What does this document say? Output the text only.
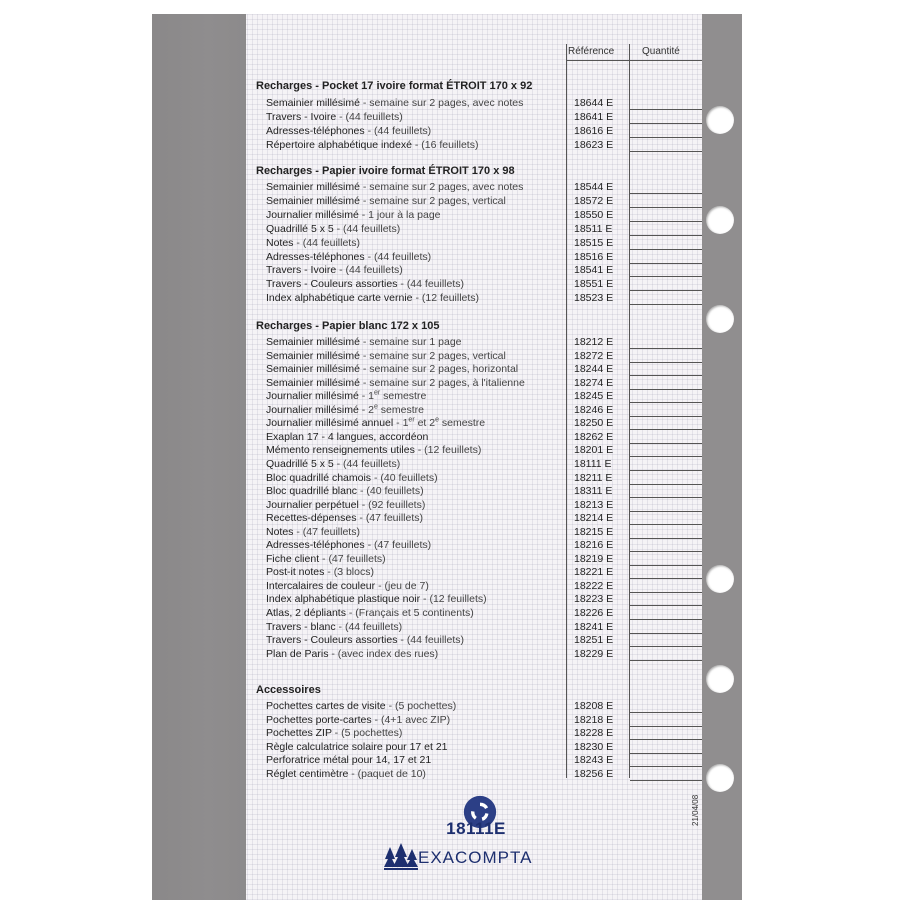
Référence	Quantité
Recharges - Pocket 17 ivoire format ÉTROIT 170 x 92
Semainier millésimé - semaine sur 2 pages, avec notes	18644 E
Travers - Ivoire - (44 feuillets)	18641 E
Adresses-téléphones - (44 feuillets)	18616 E
Répertoire alphabétique indexé - (16 feuillets)	18623 E
Recharges - Papier ivoire format ÉTROIT 170 x 98
Semainier millésimé - semaine sur 2 pages, avec notes	18544 E
Semainier millésimé - semaine sur 2 pages, vertical	18572 E
Journalier millésimé - 1 jour à la page	18550 E
Quadrillé 5 x 5 - (44 feuillets)	18511 E
Notes - (44 feuillets)	18515 E
Adresses-téléphones - (44 feuillets)	18516 E
Travers - Ivoire - (44 feuillets)	18541 E
Travers - Couleurs assorties - (44 feuillets)	18551 E
Index alphabétique carte vernie - (12 feuillets)	18523 E
Recharges - Papier blanc 172 x 105
Semainier millésimé - semaine sur 1 page	18212 E
Semainier millésimé - semaine sur 2 pages, vertical	18272 E
Semainier millésimé - semaine sur 2 pages, horizontal	18244 E
Semainier millésimé - semaine sur 2 pages, à l'italienne	18274 E
Journalier millésimé - 1er semestre	18245 E
Journalier millésimé - 2e semestre	18246 E
Journalier millésimé annuel - 1er et 2e semestre	18250 E
Exaplan 17 - 4 langues, accordéon	18262 E
Mémento renseignements utiles - (12 feuillets)	18201 E
Quadrillé 5 x 5 - (44 feuillets)	18111 E
Bloc quadrillé chamois - (40 feuillets)	18211 E
Bloc quadrillé blanc - (40 feuillets)	18311 E
Journalier perpétuel - (92 feuillets)	18213 E
Recettes-dépenses - (47 feuillets)	18214 E
Notes - (47 feuillets)	18215 E
Adresses-téléphones - (47 feuillets)	18216 E
Fiche client - (47 feuillets)	18219 E
Post-it notes - (3 blocs)	18221 E
Intercalaires de couleur - (jeu de 7)	18222 E
Index alphabétique plastique noir - (12 feuillets)	18223 E
Atlas, 2 dépliants - (Français et 5 continents)	18226 E
Travers - blanc - (44 feuillets)	18241 E
Travers - Couleurs assorties - (44 feuillets)	18251 E
Plan de Paris - (avec index des rues)	18229 E
Accessoires
Pochettes cartes de visite - (5 pochettes)	18208 E
Pochettes porte-cartes - (4+1 avec ZIP)	18218 E
Pochettes ZIP - (5 pochettes)	18228 E
Règle calculatrice solaire pour 17 et 21	18230 E
Perforatrice métal pour 14, 17 et 21	18243 E
Réglet centimètre - (paquet de 10)	18256 E
18111E
EXACOMPTA
21/04/08
